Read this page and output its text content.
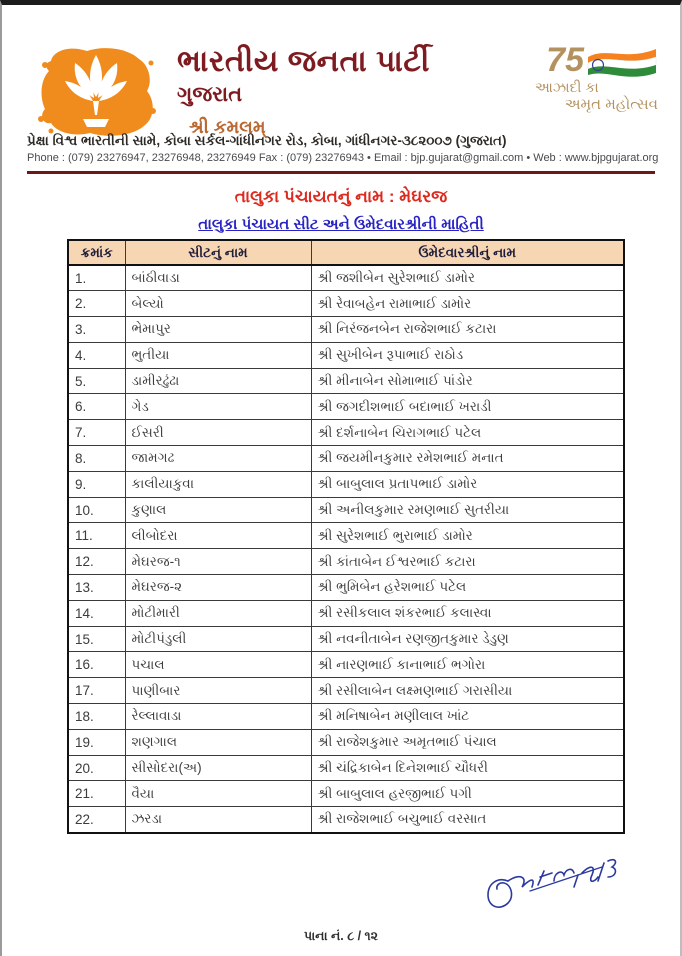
ભારતીય જનતા પાર્ટી
ગુજરાત
શ્રી કમલમ્
75
આઝાદી કા
અમૃત મહોત્સવ
પ્રેક્ષા વિશ્વ ભારતીની સામે, કોબા સર્કલ-ગાંધીનગર રોડ, કોબા, ગાંધીનગર-૩૮૨૦૦૭ (ગુજરાત)
Phone : (079) 23276947, 23276948, 23276949 Fax : (079) 23276943 • Email : bjp.gujarat@gmail.com • Web : www.bjpgujarat.org
તાલુકા પંચાયતનું નામ : મેઘરજ
તાલુકા પંચાયત સીટ અને ઉમેદવારશ્રીની માહિતી
ક્રમાંક	સીટનું નામ	ઉમેદવારશ્રીનું નામ
1.	બાંઠીવાડા	શ્રી જશીબેન સુરેશભાઈ ડામોર
2.	બેલ્યો	શ્રી રેવાબહેન રામાભાઈ ડામોર
3.	ભેમાપુર	શ્રી નિરંજનબેન રાજેશભાઈ કટારા
4.	ભુતીયા	શ્રી સુખીબેન રૂપાભાઈ રાઠોડ
5.	ડામીરઢુંઢા	શ્રી મીનાબેન સોમાભાઈ પાંડોર
6.	ગેડ	શ્રી જગદીશભાઈ બદાભાઈ ખરાડી
7.	ઈસરી	શ્રી દર્શનાબેન ચિરાગભાઈ પટેલ
8.	જામગઢ	શ્રી જયમીનકુમાર રમેશભાઈ મનાત
9.	કાલીયાકુવા	શ્રી બાબુલાલ પ્રતાપભાઈ ડામોર
10.	કુણાલ	શ્રી અનીલકુમાર રમણભાઈ સુતરીયા
11.	લીબોદરા	શ્રી સુરેશભાઈ ભુરાભાઈ ડામોર
12.	મેઘરજ-૧	શ્રી કાંતાબેન ઈશ્વરભાઈ કટારા
13.	મેઘરજ-૨	શ્રી ભુમિબેન હરેશભાઈ પટેલ
14.	મોટીમારી	શ્રી રસીકલાલ શંકરભાઈ કલાસ્વા
15.	મોટીપંડુલી	શ્રી નવનીતાબેન રણજીતકુમાર ડેડુણ
16.	પચાલ	શ્રી નારણભાઈ કાનાભાઈ ભગોરા
17.	પાણીબાર	શ્રી રસીલાબેન લક્ષ્મણભાઈ ગરાસીયા
18.	રેલ્લાવાડા	શ્રી મનિષાબેન મણીલાલ ખાંટ
19.	શણગાલ	શ્રી રાજેશકુમાર અમૃતભાઈ પંચાલ
20.	સીસોદરા(અ)	શ્રી ચંદ્રિકાબેન દિનેશભાઈ ચૌધરી
21.	વૈયા	શ્રી બાબુલાલ હરજીભાઈ પગી
22.	ઝરડા	શ્રી રાજેશભાઈ બચુભાઈ વરસાત
પાના નં. ૮ / ૧૨
